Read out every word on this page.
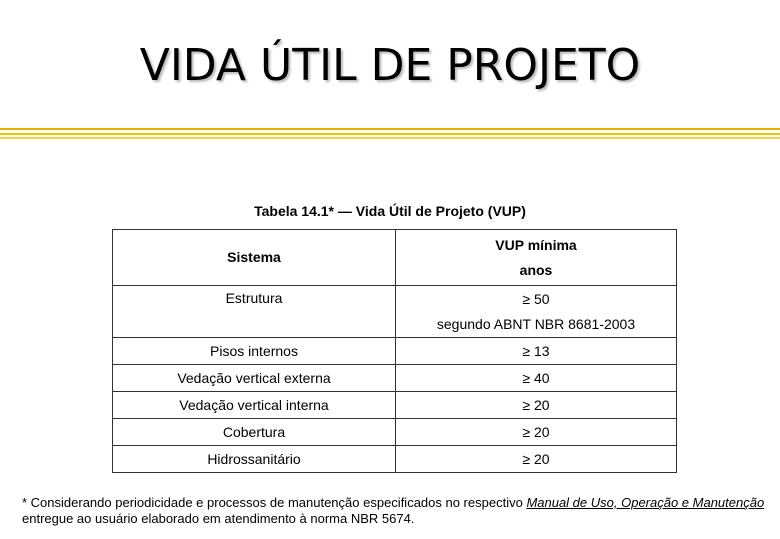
VIDA ÚTIL DE PROJETO
Tabela 14.1* — Vida Útil de Projeto (VUP)
Sistema	VUP mínima
anos

Estrutura	≥ 50
segundo ABNT NBR 8681-2003

Pisos internos	≥ 13
Vedação vertical externa	≥ 40
Vedação vertical interna	≥ 20
Cobertura	≥ 20
Hidrossanitário	≥ 20
* Considerando periodicidade e processos de manutenção especificados no respectivo Manual de Uso, Operação e Manutenção entregue ao usuário elaborado em atendimento à norma NBR 5674.
